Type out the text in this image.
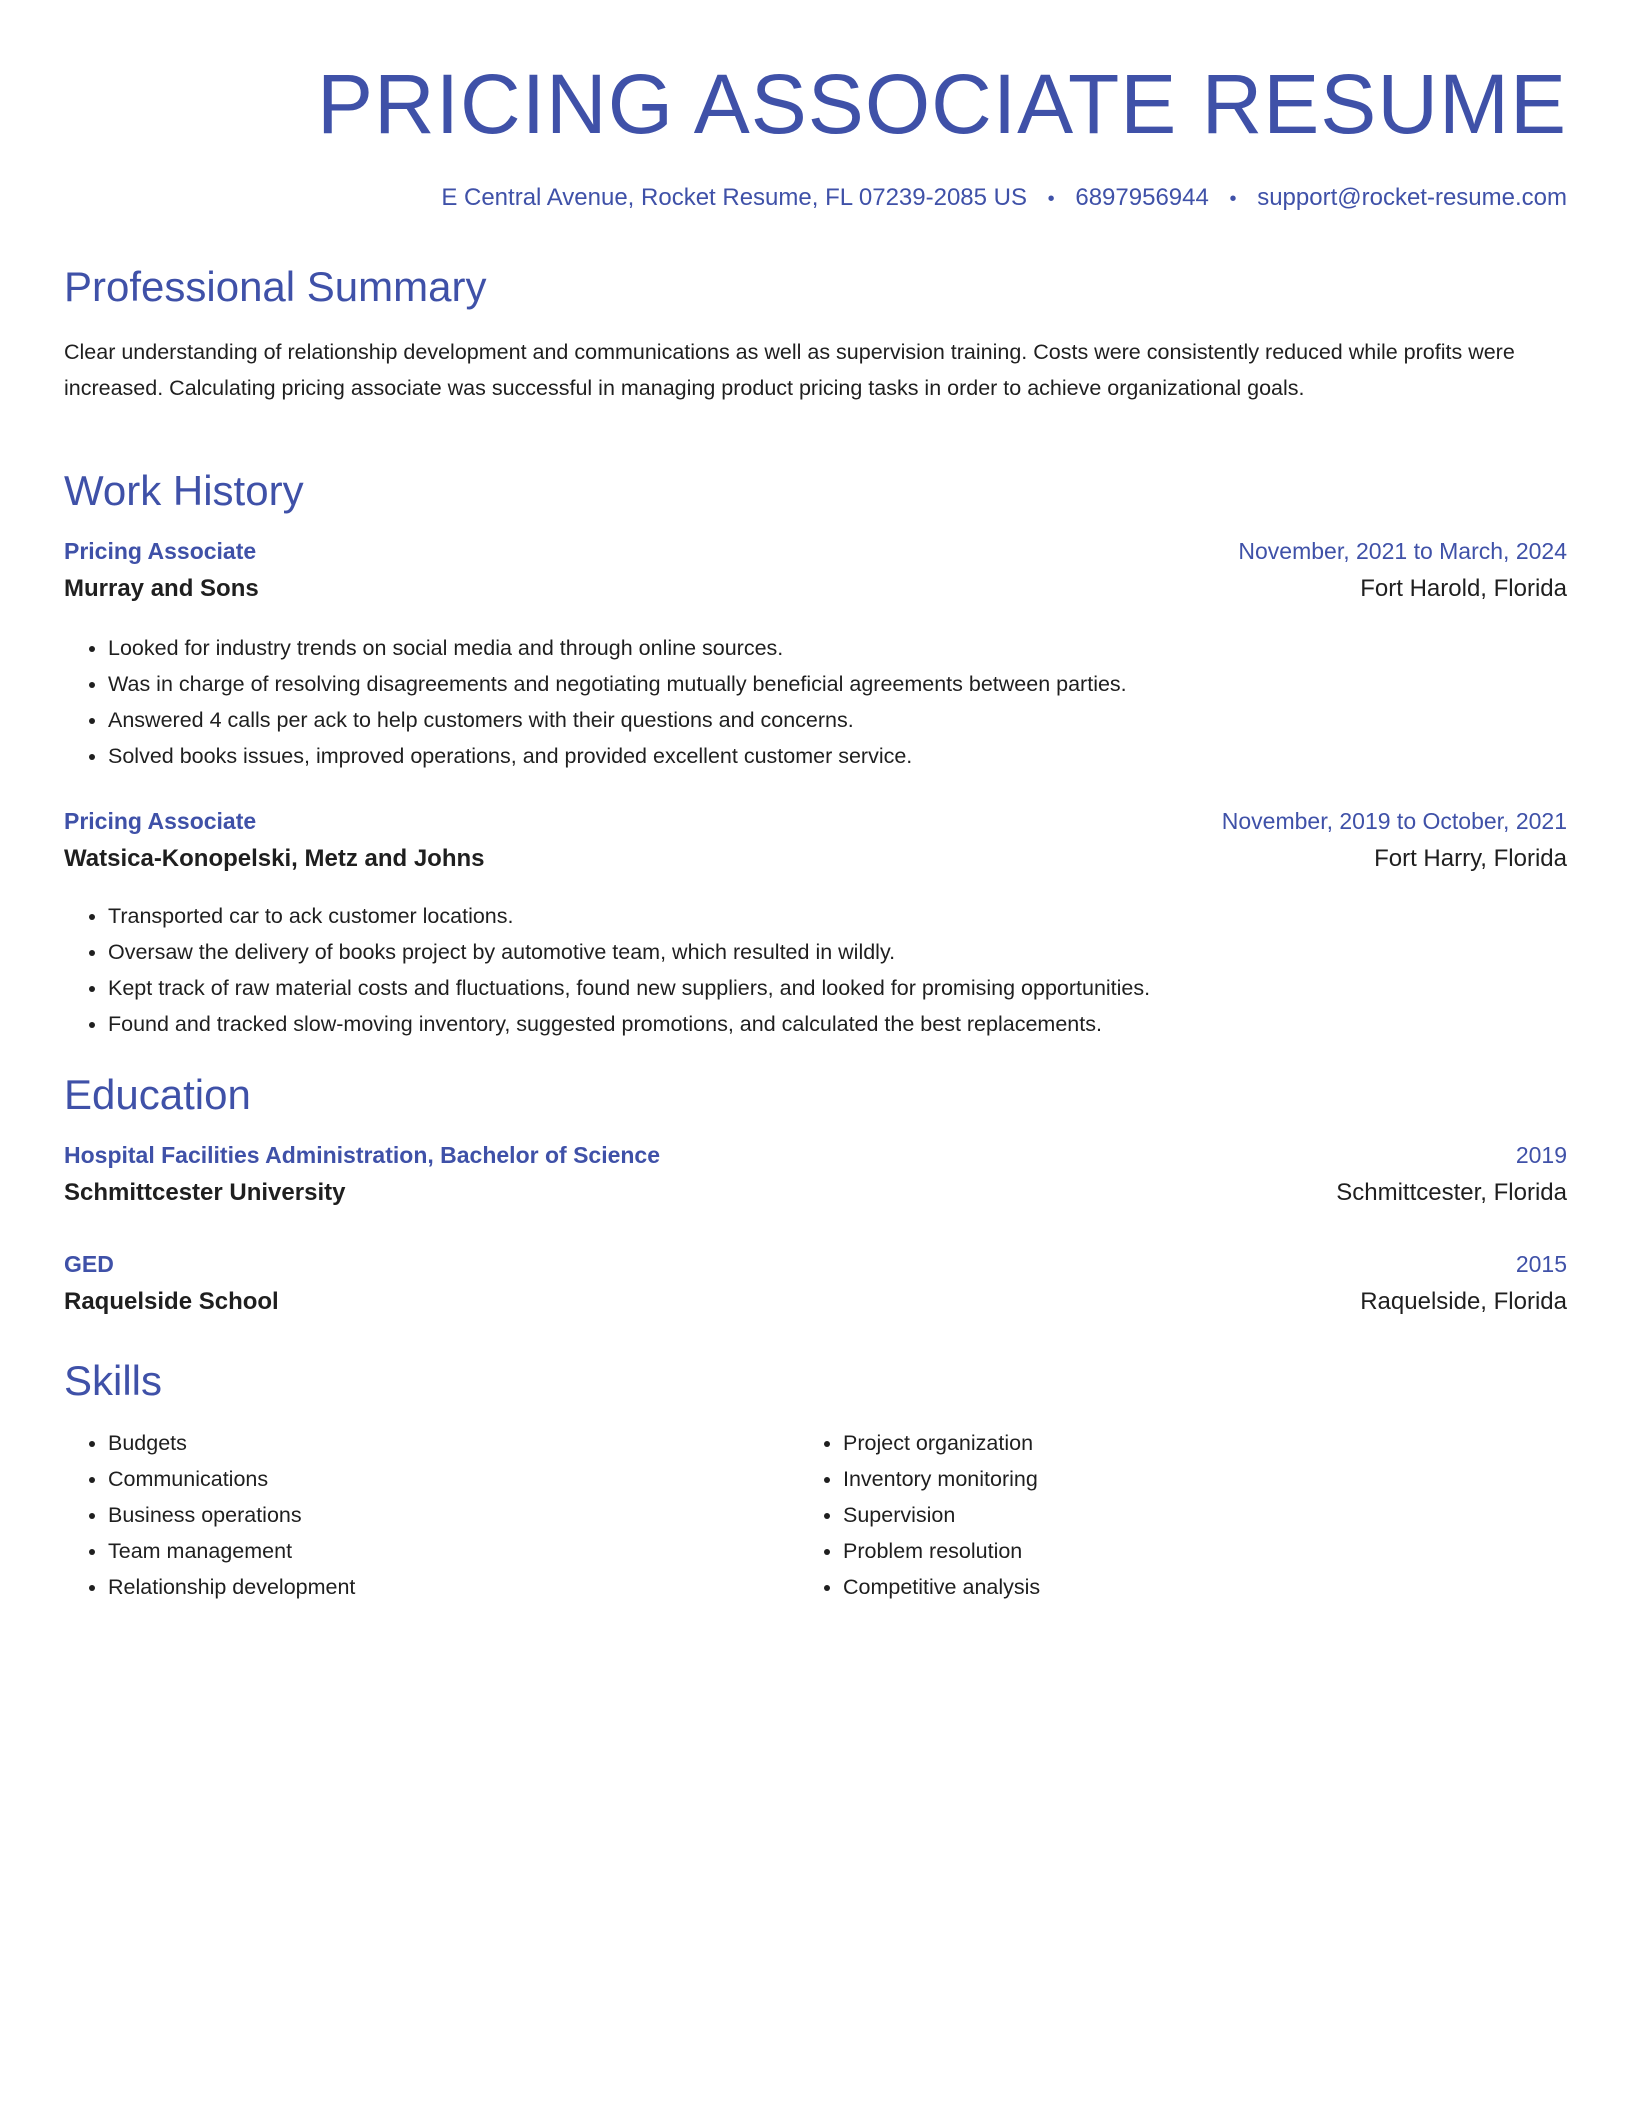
PRICING ASSOCIATE RESUME
E Central Avenue, Rocket Resume, FL 07239-2085 US • 6897956944 • support@rocket-resume.com
Professional Summary

Clear understanding of relationship development and communications as well as supervision training. Costs were consistently reduced while profits were increased. Calculating pricing associate was successful in managing product pricing tasks in order to achieve organizational goals.

Work History
Pricing Associate	November, 2021 to March, 2024
Murray and Sons	Fort Harold, Florida
• Looked for industry trends on social media and through online sources.
• Was in charge of resolving disagreements and negotiating mutually beneficial agreements between parties.
• Answered 4 calls per ack to help customers with their questions and concerns.
• Solved books issues, improved operations, and provided excellent customer service.
Pricing Associate	November, 2019 to October, 2021
Watsica-Konopelski, Metz and Johns	Fort Harry, Florida
• Transported car to ack customer locations.
• Oversaw the delivery of books project by automotive team, which resulted in wildly.
• Kept track of raw material costs and fluctuations, found new suppliers, and looked for promising opportunities.
• Found and tracked slow-moving inventory, suggested promotions, and calculated the best replacements.
Education
Hospital Facilities Administration, Bachelor of Science	2019
Schmittcester University	Schmittcester, Florida
GED	2015
Raquelside School	Raquelside, Florida
Skills
• Budgets
• Communications
• Business operations
• Team management
• Relationship development
• Project organization
• Inventory monitoring
• Supervision
• Problem resolution
• Competitive analysis
